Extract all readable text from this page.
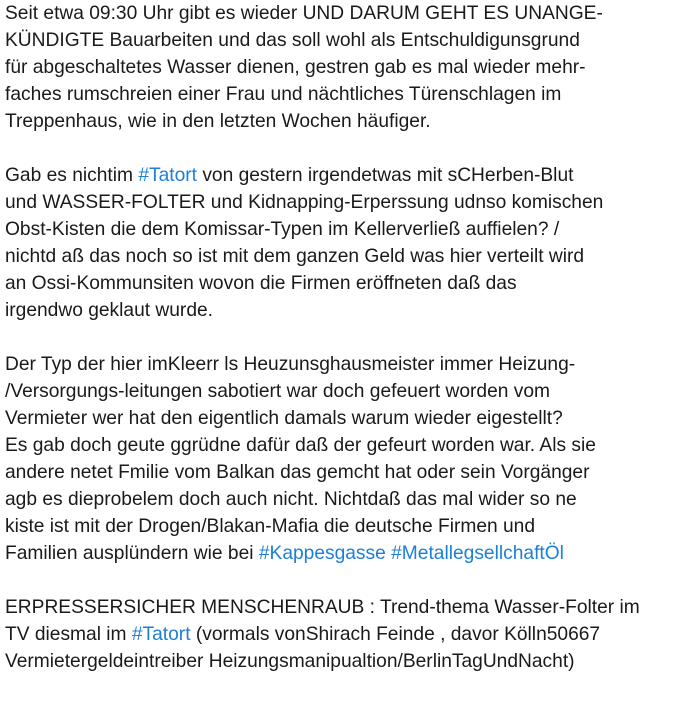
Seit etwa 09:30 Uhr gibt es wieder UND DARUM GEHT ES UNANGE-
KÜNDIGTE Bauarbeiten und das soll wohl als Entschuldigunsgrund
für abgeschaltetes Wasser dienen, gestren gab es mal wieder mehr-
faches rumschreien einer Frau und nächtliches Türenschlagen im
Treppenhaus, wie in den letzten Wochen häufiger.
Gab es nichtim #Tatort von gestern irgendetwas mit sCHerben-Blut
und WASSER-FOLTER und Kidnapping-Erperssung udnso komischen
Obst-Kisten die dem Komissar-Typen im Kellerverließ auffielen? /
nichtd aß das noch so ist mit dem ganzen Geld was hier verteilt wird
an Ossi-Kommunsiten wovon die Firmen eröffneten daß das
irgendwo geklaut wurde.
Der Typ der hier imKleerr ls Heuzunsghausmeister immer Heizung-
/Versorgungs-leitungen sabotiert war doch gefeuert worden vom
Vermieter wer hat den eigentlich damals warum wieder eigestellt?
Es gab doch geute ggrüdne dafür daß der gefeurt worden war. Als sie
andere netet Fmilie vom Balkan das gemcht hat oder sein Vorgänger
agb es dieprobelem doch auch nicht. Nichtdaß das mal wider so ne
kiste ist mit der Drogen/Blakan-Mafia die deutsche Firmen und
Familien ausplündern wie bei #Kappesgasse #MetallegsellchaftÖl
ERPRESSERSICHER MENSCHENRAUB : Trend-thema Wasser-Folter im
TV diesmal im #Tatort (vormals vonShirach Feinde , davor Kölln50667
Vermietergeldeintreiber Heizungsmanipualtion/BerlinTagUndNacht)
